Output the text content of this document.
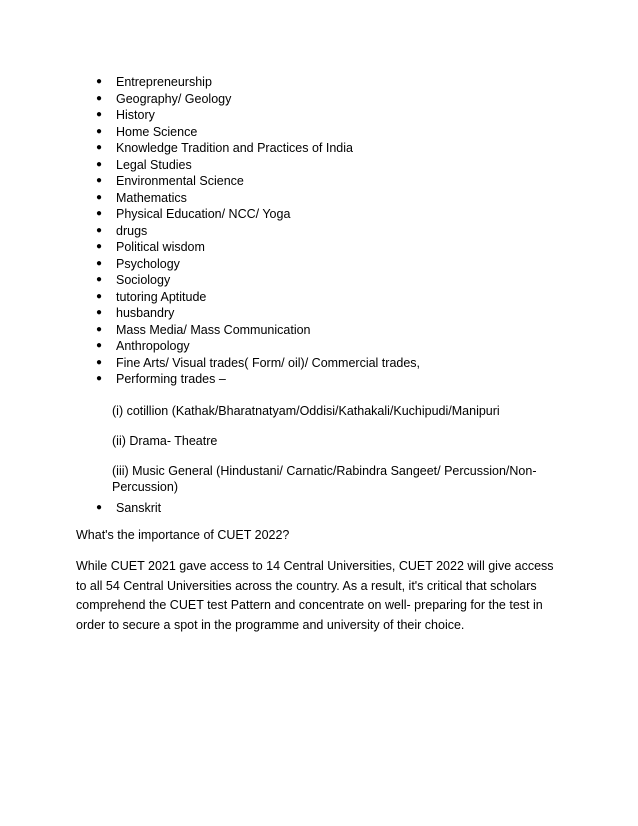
● Entrepreneurship
● Geography/ Geology
● History
● Home Science
● Knowledge Tradition and Practices of India
● Legal Studies
● Environmental Science
● Mathematics
● Physical Education/ NCC/ Yoga
● drugs
● Political wisdom
● Psychology
● Sociology
● tutoring Aptitude
● husbandry
● Mass Media/ Mass Communication
● Anthropology
● Fine Arts/ Visual trades( Form/ oil)/ Commercial trades,
● Performing trades –
(i) cotillion (Kathak/Bharatnatyam/Oddisi/Kathakali/Kuchipudi/Manipuri
(ii) Drama- Theatre
(iii) Music General (Hindustani/ Carnatic/Rabindra Sangeet/ Percussion/Non-Percussion)
● Sanskrit

What's the importance of CUET 2022?

While CUET 2021 gave access to 14 Central Universities, CUET 2022 will give access to all 54 Central Universities across the country. As a result, it's critical that scholars comprehend the CUET test Pattern and concentrate on well- preparing for the test in order to secure a spot in the programme and university of their choice.
